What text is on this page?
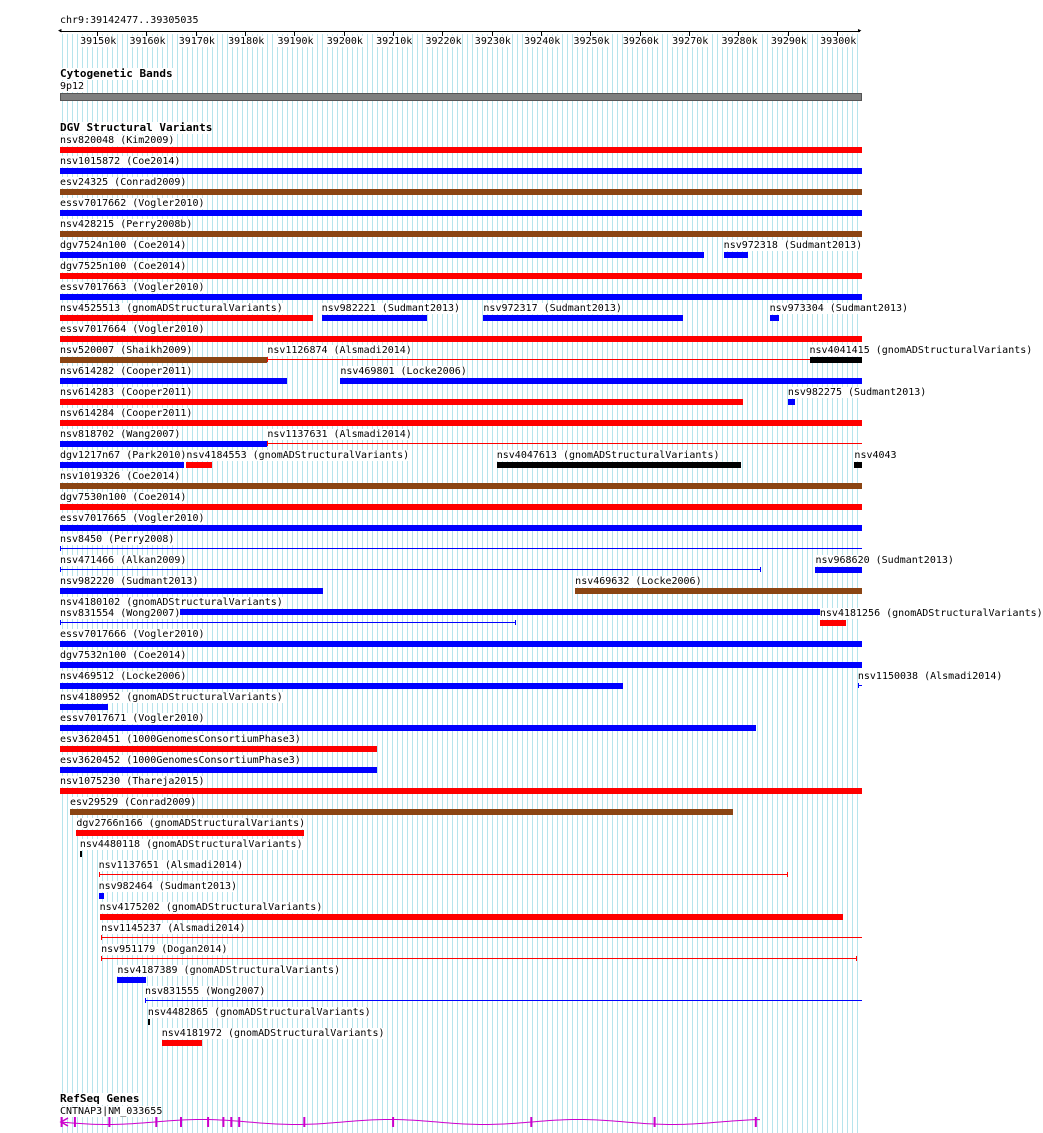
chr9:39142477..39305035
◂	▸
39150k 39160k 39170k 39180k 39190k 39200k 39210k 39220k 39230k 39240k 39250k 39260k 39270k 39280k 39290k 39300k
Cytogenetic Bands
9p12
DGV Structural Variants
nsv820048 (Kim2009)
nsv1015872 (Coe2014)
esv24325 (Conrad2009)
essv7017662 (Vogler2010)
nsv428215 (Perry2008b)
dgv7524n100 (Coe2014)	nsv972318 (Sudmant2013)
dgv7525n100 (Coe2014)
essv7017663 (Vogler2010)
nsv4525513 (gnomADStructuralVariants)	nsv982221 (Sudmant2013) nsv972317 (Sudmant2013)	nsv973304 (Sudmant2013)
essv7017664 (Vogler2010)
nsv520007 (Shaikh2009)	nsv1126874 (Alsmadi2014)	nsv4041415 (gnomADStructuralVariants)
nsv614282 (Cooper2011)	nsv469801 (Locke2006)
nsv614283 (Cooper2011)	nsv982275 (Sudmant2013)
nsv614284 (Cooper2011)
nsv818702 (Wang2007)	nsv1137631 (Alsmadi2014)
dgv1217n67 (Park2010) nsv4184553 (gnomADStructuralVariants)	nsv4047613 (gnomADStructuralVariants)	nsv4043
nsv1019326 (Coe2014)
dgv7530n100 (Coe2014)
essv7017665 (Vogler2010)
nsv8450 (Perry2008)
nsv471466 (Alkan2009)	nsv968620 (Sudmant2013)
nsv982220 (Sudmant2013)	nsv469632 (Locke2006)
nsv4180102 (gnomADStructuralVariants)
nsv831554 (Wong2007)	nsv4181256 (gnomADStructuralVariants)
essv7017666 (Vogler2010)
dgv7532n100 (Coe2014)
nsv469512 (Locke2006)	nsv1150038 (Alsmadi2014)
nsv4180952 (gnomADStructuralVariants)
essv7017671 (Vogler2010)
esv3620451 (1000GenomesConsortiumPhase3)
esv3620452 (1000GenomesConsortiumPhase3)
nsv1075230 (Thareja2015)
esv29529 (Conrad2009)
dgv2766n166 (gnomADStructuralVariants)
nsv4480118 (gnomADStructuralVariants)
nsv1137651 (Alsmadi2014)
nsv982464 (Sudmant2013)
nsv4175202 (gnomADStructuralVariants)
nsv1145237 (Alsmadi2014)
nsv951179 (Dogan2014)
nsv4187389 (gnomADStructuralVariants)
nsv831555 (Wong2007)
nsv4482865 (gnomADStructuralVariants)
nsv4181972 (gnomADStructuralVariants)
RefSeq Genes
CNTNAP3|NM_033655
